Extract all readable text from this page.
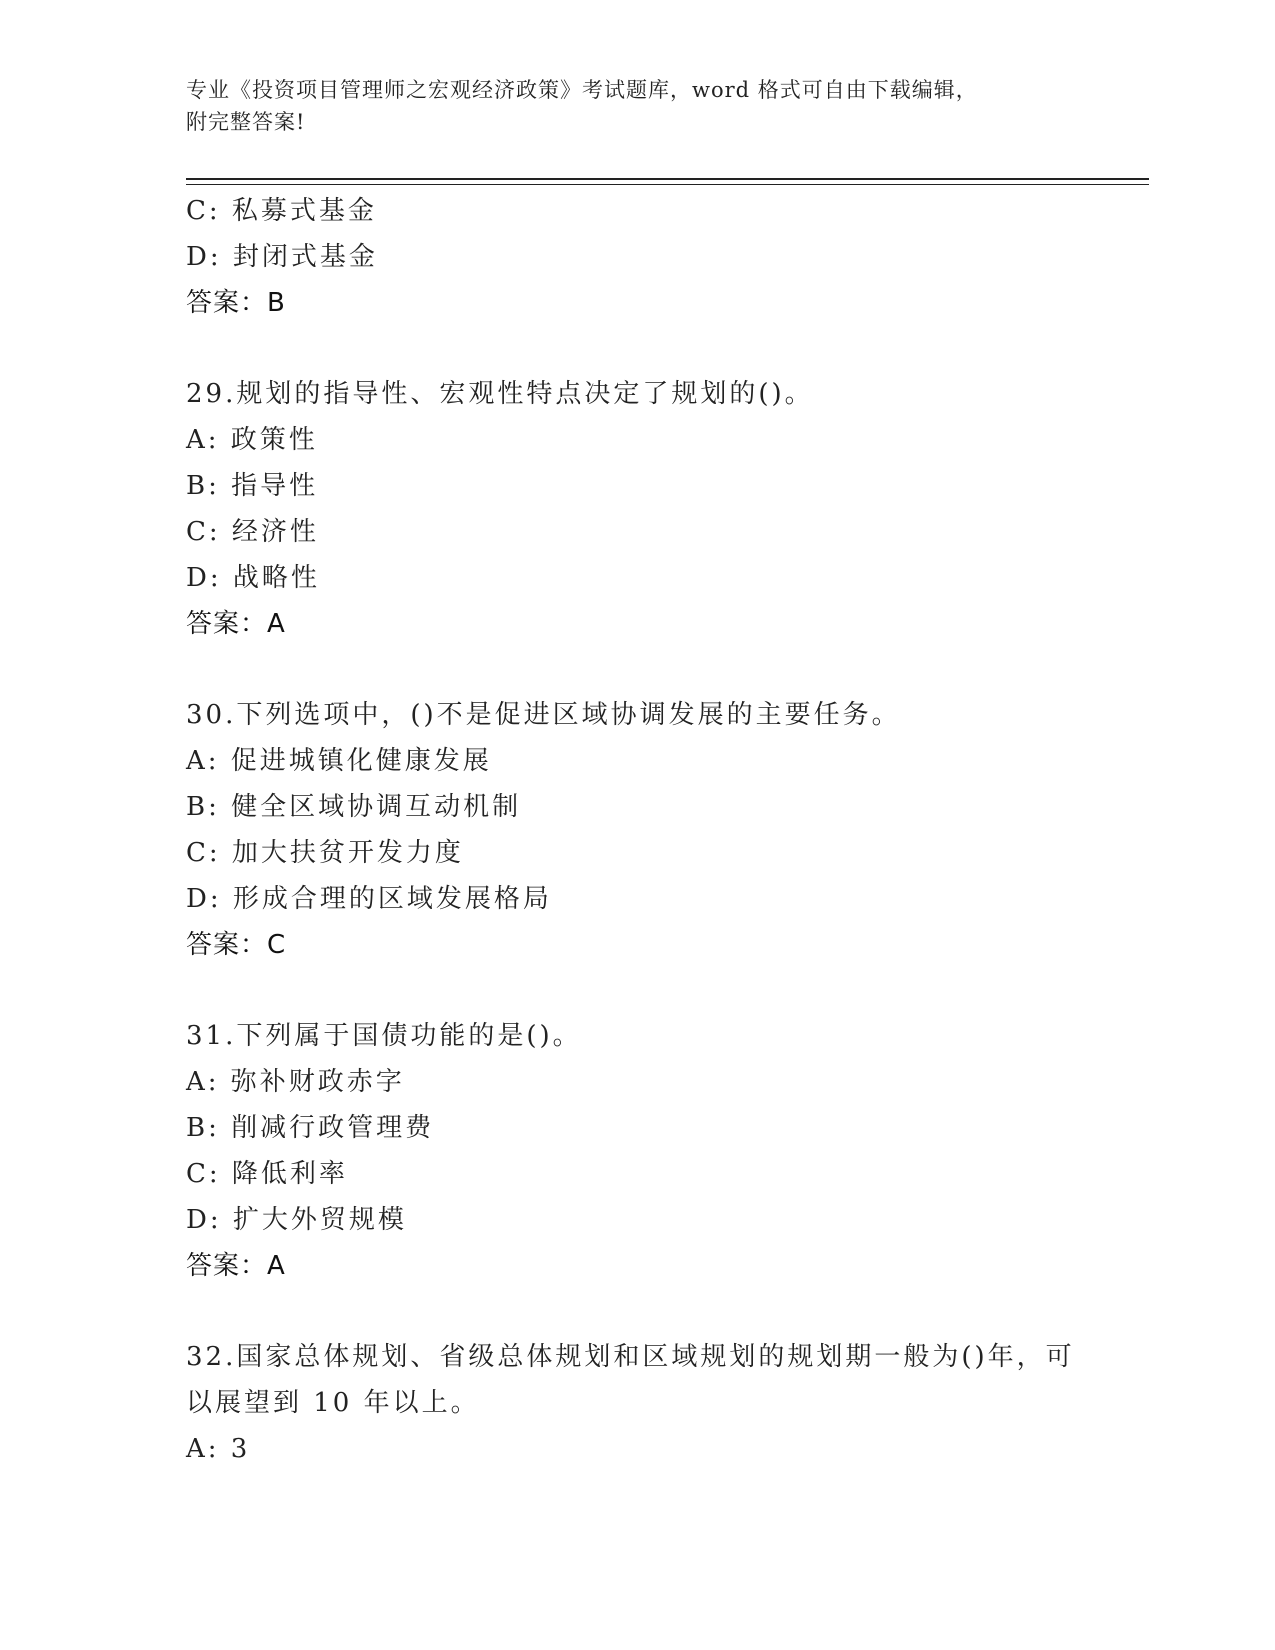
专业《投资项目管理师之宏观经济政策》考试题库，word 格式可自由下载编辑，
附完整答案!
C: 私募式基金
D: 封闭式基金
答案：B
29.规划的指导性、宏观性特点决定了规划的()。
A: 政策性
B: 指导性
C: 经济性
D: 战略性
答案：A
30.下列选项中，()不是促进区域协调发展的主要任务。
A: 促进城镇化健康发展
B: 健全区域协调互动机制
C: 加大扶贫开发力度
D: 形成合理的区域发展格局
答案：C
31.下列属于国债功能的是()。
A: 弥补财政赤字
B: 削减行政管理费
C: 降低利率
D: 扩大外贸规模
答案：A
32.国家总体规划、省级总体规划和区域规划的规划期一般为()年，可
以展望到 10 年以上。
A: 3
